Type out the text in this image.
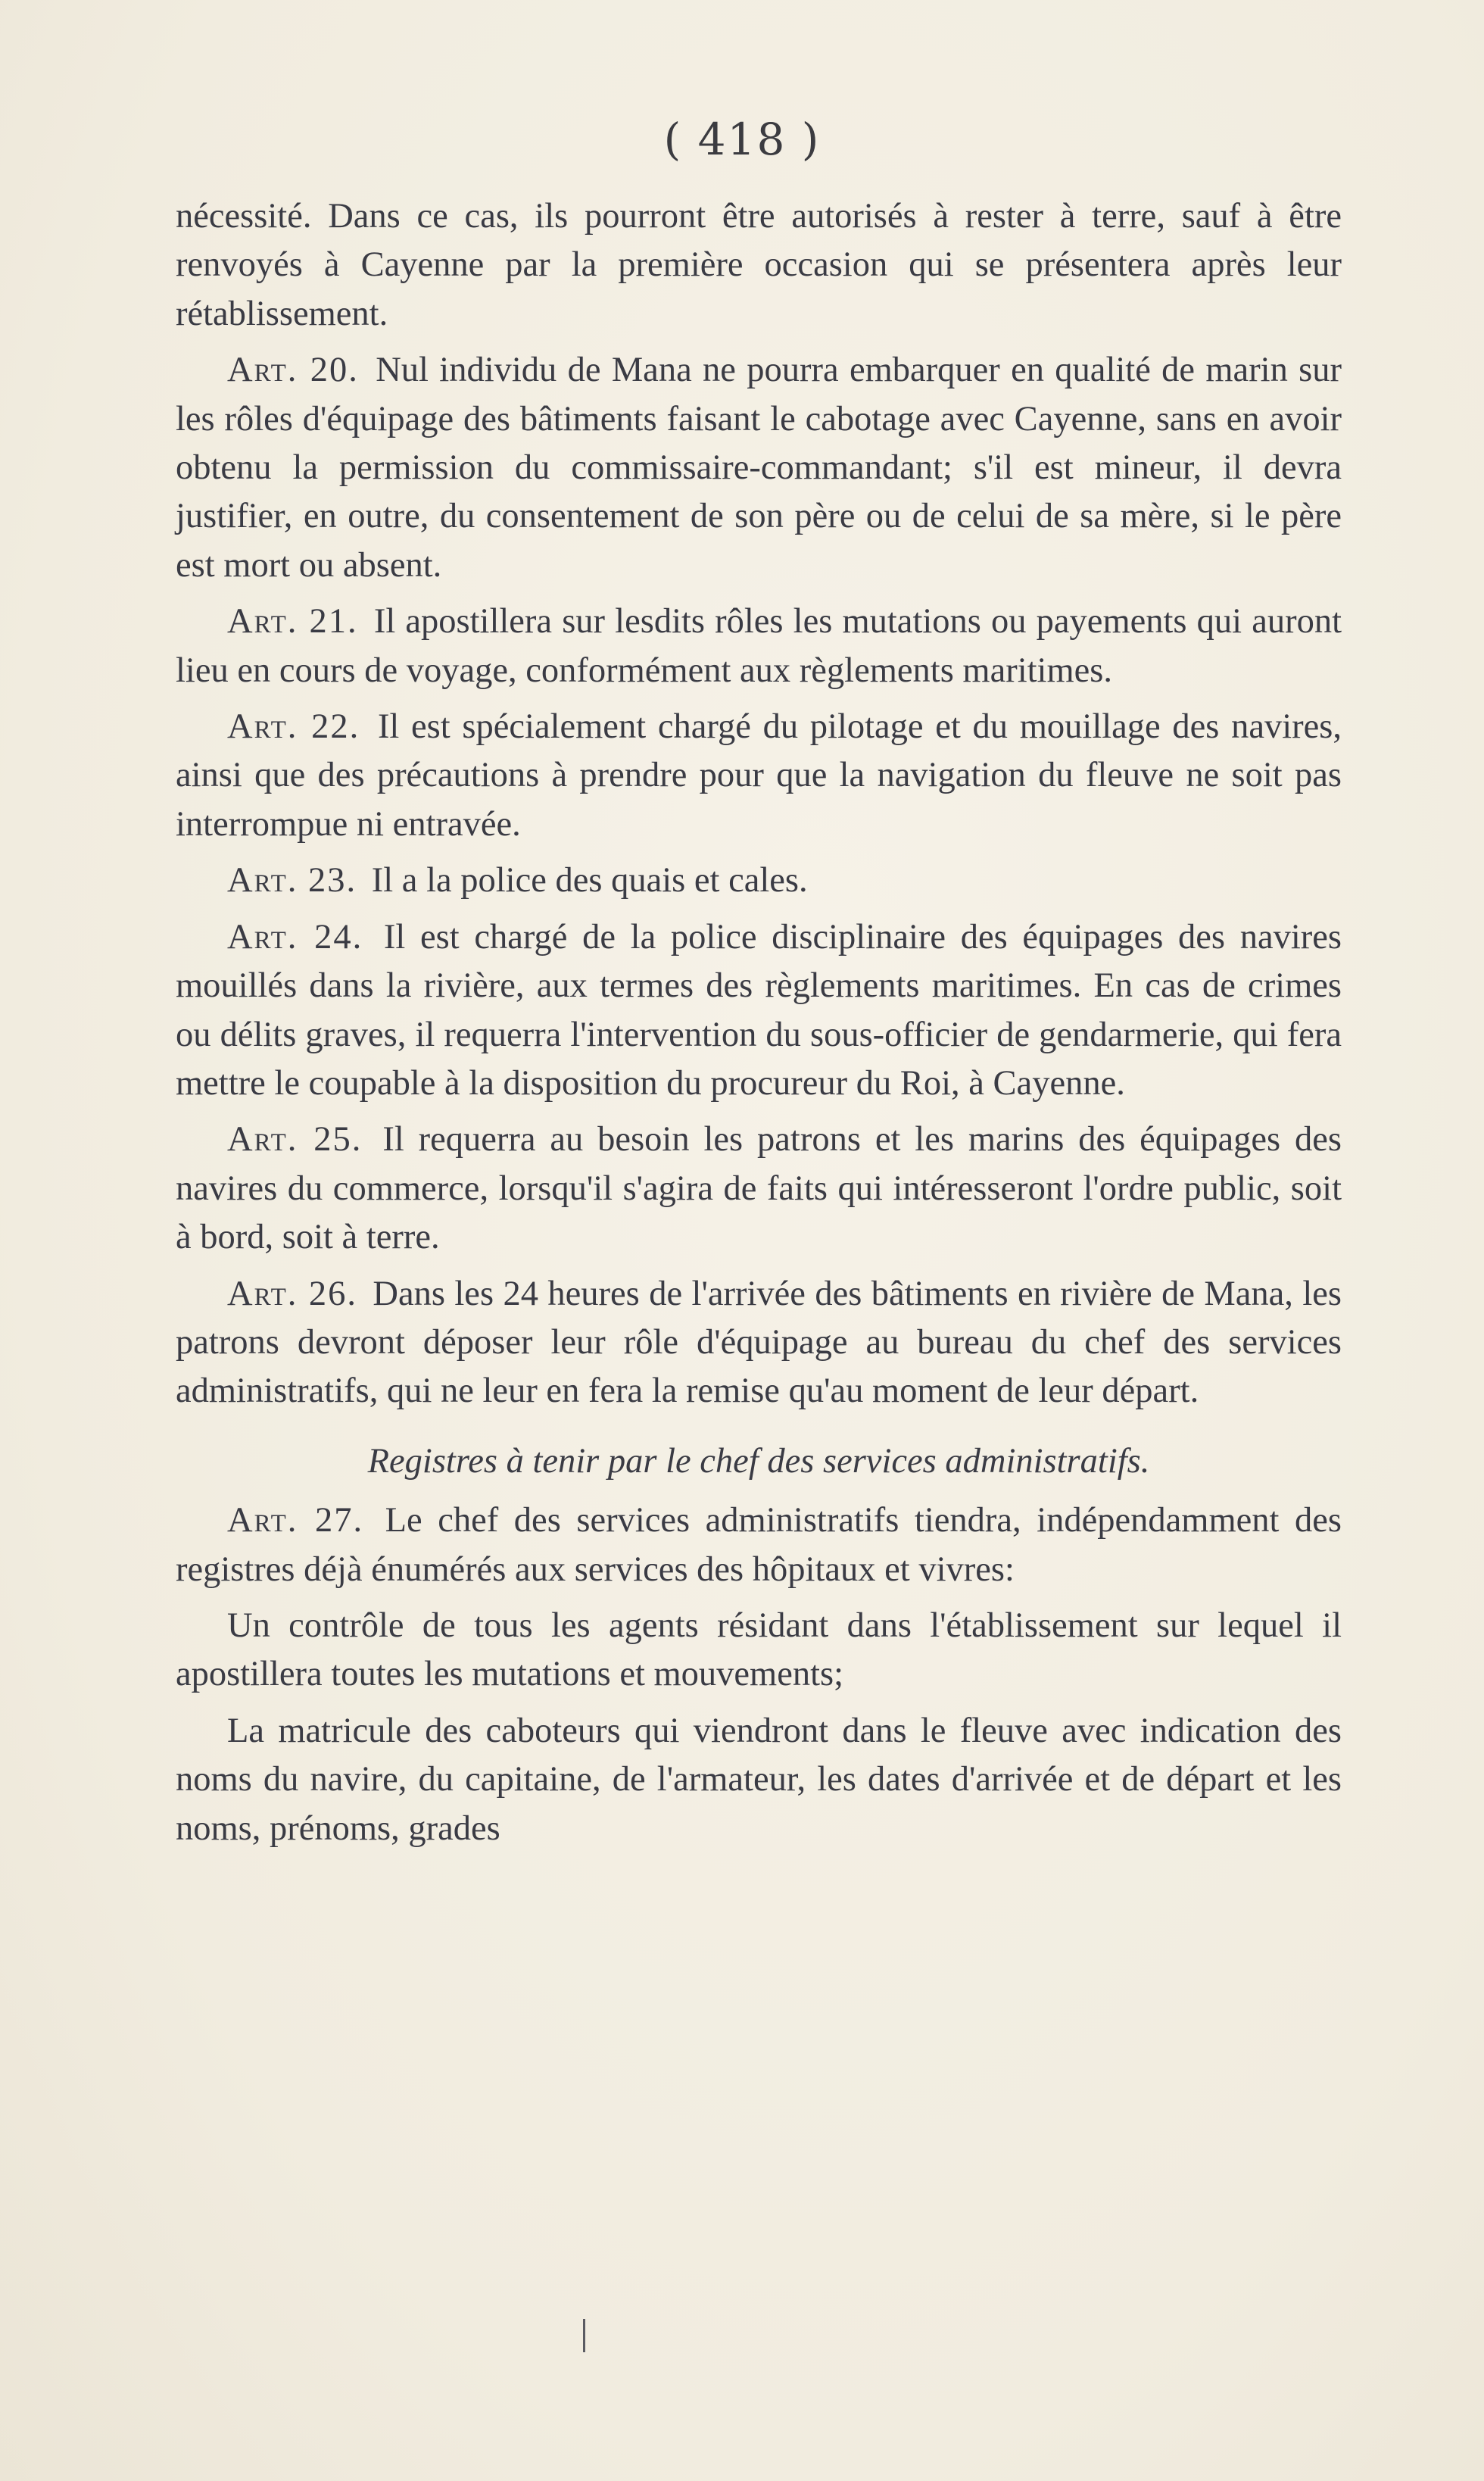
( 418 )

nécessité. Dans ce cas, ils pourront être autorisés à rester à terre, sauf à être renvoyés à Cayenne par la première occasion qui se présentera après leur rétablissement.

Art. 20. Nul individu de Mana ne pourra embarquer en qualité de marin sur les rôles d'équipage des bâtiments faisant le cabotage avec Cayenne, sans en avoir obtenu la permission du commissaire-commandant; s'il est mineur, il devra justifier, en outre, du consentement de son père ou de celui de sa mère, si le père est mort ou absent.

Art. 21. Il apostillera sur lesdits rôles les mutations ou payements qui auront lieu en cours de voyage, conformément aux règlements maritimes.

Art. 22. Il est spécialement chargé du pilotage et du mouillage des navires, ainsi que des précautions à prendre pour que la navigation du fleuve ne soit pas interrompue ni entravée.

Art. 23. Il a la police des quais et cales.

Art. 24. Il est chargé de la police disciplinaire des équipages des navires mouillés dans la rivière, aux termes des règlements maritimes. En cas de crimes ou délits graves, il requerra l'intervention du sous-officier de gendarmerie, qui fera mettre le coupable à la disposition du procureur du Roi, à Cayenne.

Art. 25. Il requerra au besoin les patrons et les marins des équipages des navires du commerce, lorsqu'il s'agira de faits qui intéresseront l'ordre public, soit à bord, soit à terre.

Art. 26. Dans les 24 heures de l'arrivée des bâtiments en rivière de Mana, les patrons devront déposer leur rôle d'équipage au bureau du chef des services administratifs, qui ne leur en fera la remise qu'au moment de leur départ.

Registres à tenir par le chef des services administratifs.

Art. 27. Le chef des services administratifs tiendra, indépendamment des registres déjà énumérés aux services des hôpitaux et vivres:

Un contrôle de tous les agents résidant dans l'établissement sur lequel il apostillera toutes les mutations et mouvements;

La matricule des caboteurs qui viendront dans le fleuve avec indication des noms du navire, du capitaine, de l'armateur, les dates d'arrivée et de départ et les noms, prénoms, grades
